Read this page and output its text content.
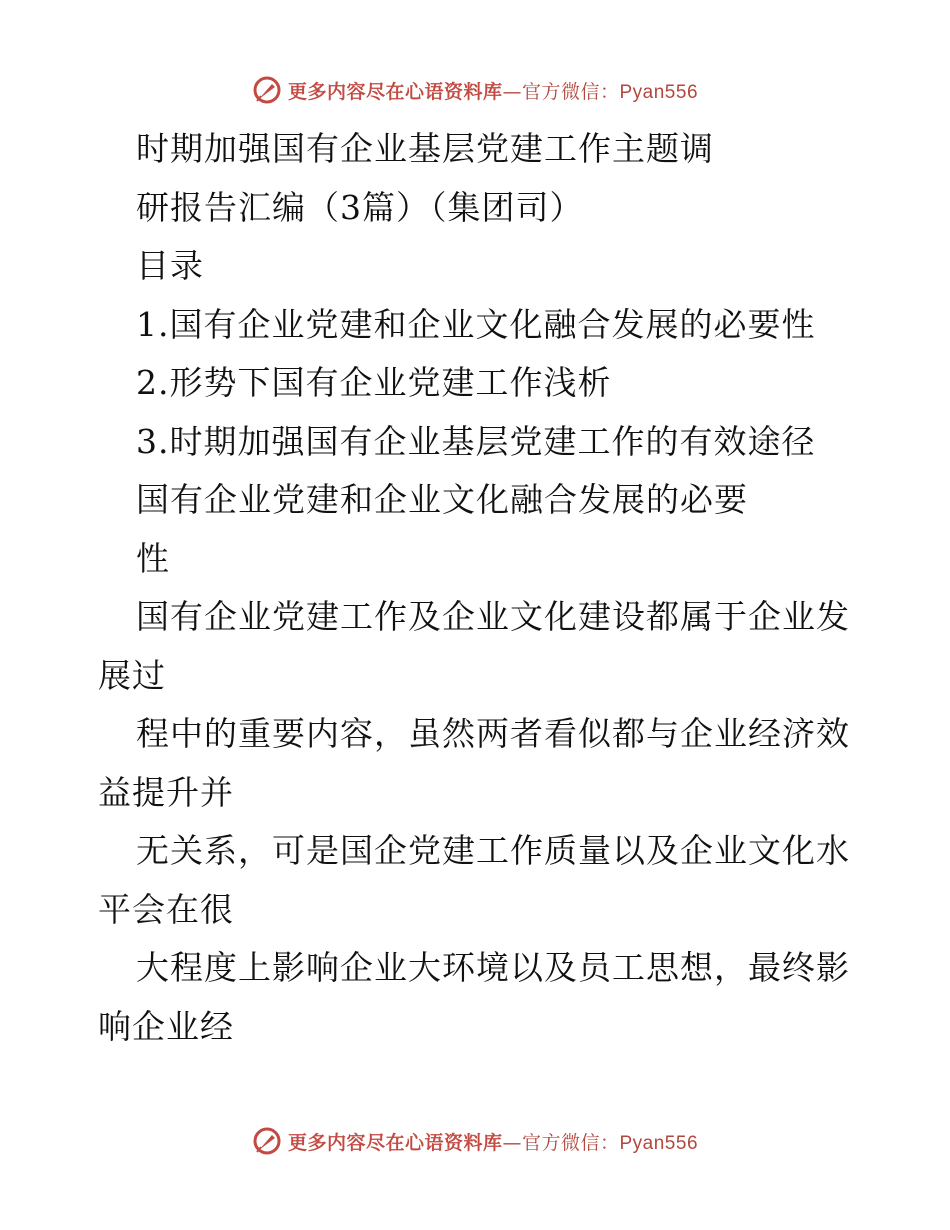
更多内容尽在心语资料库—官方微信：Pyan556
时期加强国有企业基层党建工作主题调
研报告汇编（3篇）（集团司）
目录
1.国有企业党建和企业文化融合发展的必要性
2.形势下国有企业党建工作浅析
3.时期加强国有企业基层党建工作的有效途径
国有企业党建和企业文化融合发展的必要
性
国有企业党建工作及企业文化建设都属于企业发
展过
程中的重要内容，虽然两者看似都与企业经济效
益提升并
无关系，可是国企党建工作质量以及企业文化水
平会在很
大程度上影响企业大环境以及员工思想，最终影
响企业经
更多内容尽在心语资料库—官方微信：Pyan556
